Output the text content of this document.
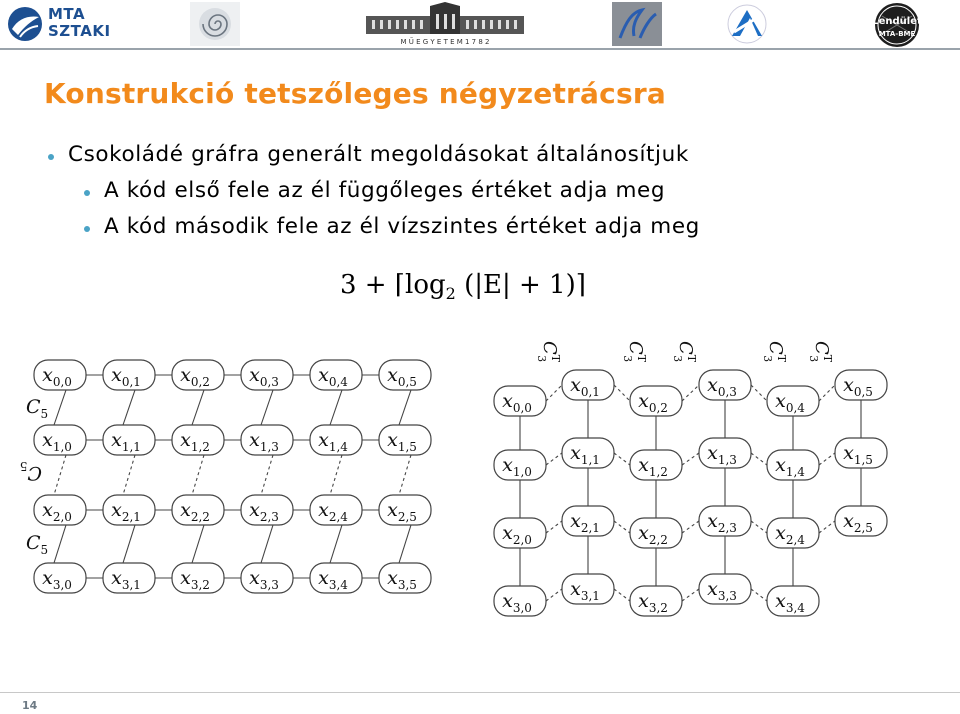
MTA
SZTAKI
M Ű E G Y E T E M 1 7 8 2
Lendület
MTA-BME
Konstrukció tetszőleges négyzetrácsra
Csokoládé gráfra generált megoldásokat általánosítjuk
A kód első fele az él függőleges értéket adja meg
A kód második fele az él vízszintes értéket adja meg
$3 + ⌈\log_2$ (|E| + 1)⌉
$x_{0,0}$ $x_{0,1}$ $x_{0,2}$ $x_{0,3}$ $x_{0,4}$ $x_{0,5}$
$x_{1,0}$ $x_{1,1}$ $x_{1,2}$ $x_{1,3}$ $x_{1,4}$ $x_{1,5}$
$x_{2,0}$ $x_{2,1}$ $x_{2,2}$ $x_{2,3}$ $x_{2,4}$ $x_{2,5}$
$x_{3,0}$ $x_{3,1}$ $x_{3,2}$ $x_{3,3}$ $x_{3,4}$ $x_{3,5}$
$C_5$
$C_5$
$C_5$
$x_{0,0}$
$x_{0,1}$ $x_{0,2}$
$x_{0,3}$ $x_{0,4}$
$x_{0,5}$
$x_{1,0}$
$x_{1,1}$ $x_{1,2}$
$x_{1,3}$ $x_{1,4}$
$x_{1,5}$
$x_{2,0}$
$x_{2,1}$ $x_{2,2}$
$x_{2,3}$ $x_{2,4}$
$x_{2,5}$
$x_{3,0}$
$x_{3,1}$ $x_{3,2}$
$x_{3,3}$ $x_{3,4}$
$C^T3$
$C^T3$
$C^T3$
$C^T3$
$C^T3$
14
